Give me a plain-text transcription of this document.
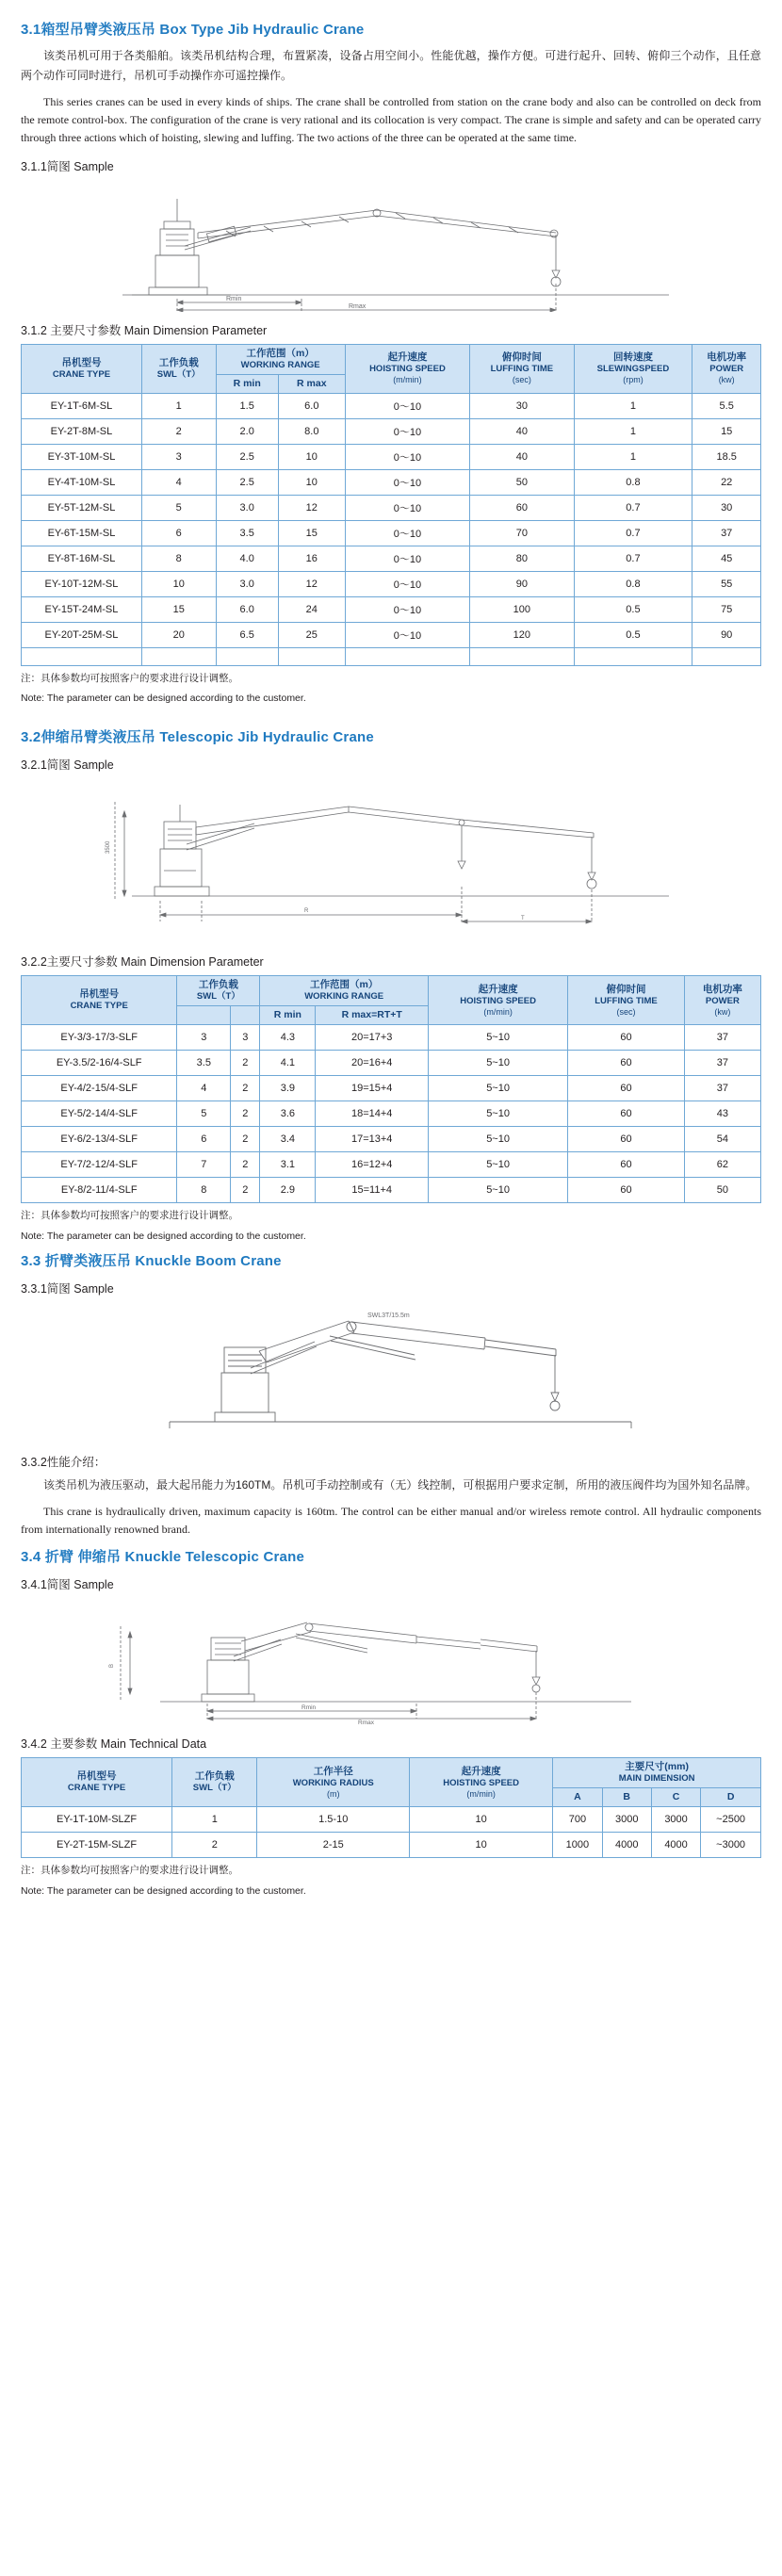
3.1箱型吊臂类液压吊 Box Type Jib Hydraulic Crane

该类吊机可用于各类船舶。该类吊机结构合理，布置紧凑，设备占用空间小。性能优越，操作方便。可进行起升、回转、俯仰三个动作，且任意两个动作可同时进行，吊机可手动操作亦可遥控操作。

This series cranes can be used in every kinds of ships. The crane shall be controlled from station on the crane body and also can be controlled on deck from the remote control-box. The configuration of the crane is very rational and its collocation is very compact. The crane is simple and safety and can be operated carry through three actions which of hoisting, slewing and luffing. The two actions of the three can be operated at the same time.

3.1.1简图 Sample
Rmin
Rmax
3.1.2 主要尺寸参数 Main Dimension Parameter
吊机型号
CRANE TYPE	工作负载
SWL（T）	工作范围（m）
WORKING RANGE		起升速度
HOISTING SPEED
(m/min)	俯仰时间
LUFFING TIME
(sec)	回转速度
SLEWINGSPEED
(rpm)	电机功率
POWER
(kw)

		R min	R max				
EY-1T-6M-SL	1	1.5	6.0	0～10	30	1	5.5
EY-2T-8M-SL	2	2.0	8.0	0～10	40	1	15
EY-3T-10M-SL	3	2.5	10	0～10	40	1	18.5
EY-4T-10M-SL	4	2.5	10	0～10	50	0.8	22
EY-5T-12M-SL	5	3.0	12	0～10	60	0.7	30
EY-6T-15M-SL	6	3.5	15	0～10	70	0.7	37
EY-8T-16M-SL	8	4.0	16	0～10	80	0.7	45
EY-10T-12M-SL	10	3.0	12	0～10	90	0.8	55
EY-15T-24M-SL	15	6.0	24	0～10	100	0.5	75
EY-20T-25M-SL	20	6.5	25	0～10	120	0.5	90

注：具体参数均可按照客户的要求进行设计调整。

Note: The parameter can be designed according to the customer.

3.2伸缩吊臂类液压吊 Telescopic Jib Hydraulic Crane
3.2.1简图 Sample
3500
R
T
3.2.2主要尺寸参数 Main Dimension Parameter
吊机型号
CRANE TYPE	工作负载
SWL（T）		工作范围（m）
WORKING RANGE		起升速度
HOISTING SPEED
(m/min)	俯仰时间
LUFFING TIME
(sec)	电机功率
POWER
(kw)

			R min	R max=RT+T			
EY-3/3-17/3-SLF	3	3	4.3	20=17+3	5~10	60	37
EY-3.5/2-16/4-SLF	3.5	2	4.1	20=16+4	5~10	60	37
EY-4/2-15/4-SLF	4	2	3.9	19=15+4	5~10	60	37
EY-5/2-14/4-SLF	5	2	3.6	18=14+4	5~10	60	43
EY-6/2-13/4-SLF	6	2	3.4	17=13+4	5~10	60	54
EY-7/2-12/4-SLF	7	2	3.1	16=12+4	5~10	60	62
EY-8/2-11/4-SLF	8	2	2.9	15=11+4	5~10	60	50

注：具体参数均可按照客户的要求进行设计调整。

Note: The parameter can be designed according to the customer.

3.3 折臂类液压吊 Knuckle Boom Crane
3.3.1简图 Sample
SWL3T/15.5m
3.3.2性能介绍：

该类吊机为液压驱动，最大起吊能力为160TM。吊机可手动控制或有（无）线控制，可根据用户要求定制，所用的液压阀件均为国外知名品牌。

This crane is hydraulically driven, maximum capacity is 160tm. The control can be either manual and/or wireless remote control. All hydraulic components from internationally renowned brand.

3.4 折臂 伸缩吊 Knuckle Telescopic Crane
3.4.1简图 Sample
Rmin
Rmax
B
3.4.2 主要参数 Main Technical Data
吊机型号
CRANE TYPE	工作负载
SWL（T）	工作半径
WORKING RADIUS
(m)	起升速度
HOISTING SPEED
(m/min)	主要尺寸(mm)
MAIN DIMENSION			

				A	B	C	D
EY-1T-10M-SLZF	1	1.5-10	10	700	3000	3000	~2500
EY-2T-15M-SLZF	2	2-15	10	1000	4000	4000	~3000

注：具体参数均可按照客户的要求进行设计调整。

Note: The parameter can be designed according to the customer.
